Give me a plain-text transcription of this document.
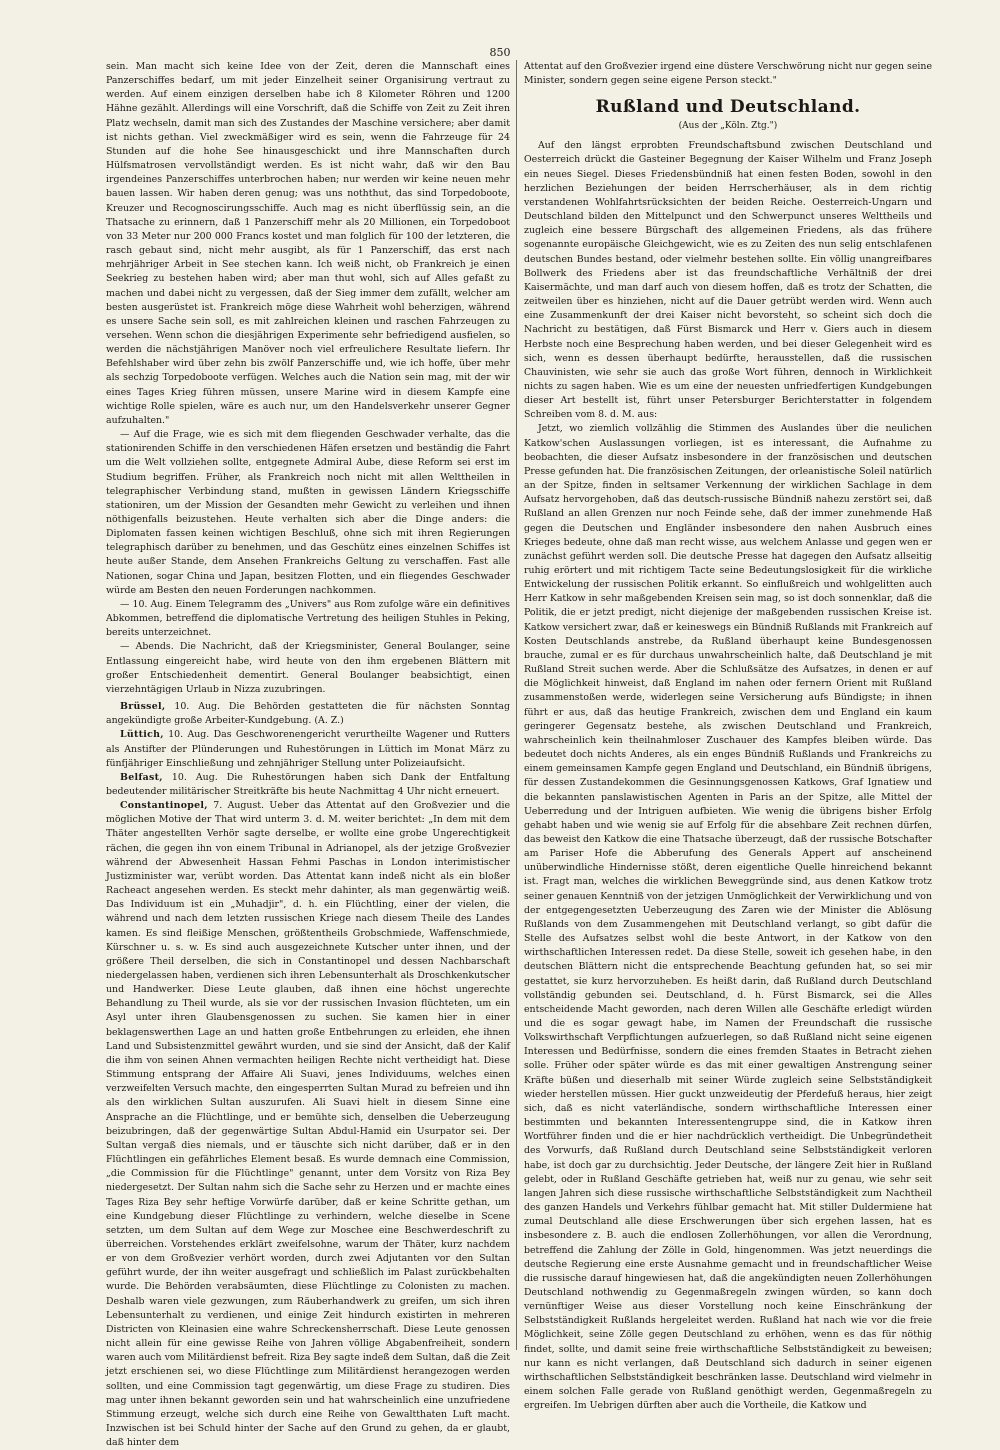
850

sein. Man macht sich keine Idee von der Zeit, deren die Mannschaft eines Panzerschiffes bedarf, um mit jeder Einzelheit seiner Organisirung vertraut zu werden. Auf einem einzigen derselben habe ich 8 Kilometer Röhren und 1200 Hähne gezählt. Allerdings will eine Vorschrift, daß die Schiffe von Zeit zu Zeit ihren Platz wechseln, damit man sich des Zustandes der Maschine versichere; aber damit ist nichts gethan. Viel zweckmäßiger wird es sein, wenn die Fahrzeuge für 24 Stunden auf die hohe See hinausgeschickt und ihre Mannschaften durch Hülfsmatrosen vervollständigt werden. Es ist nicht wahr, daß wir den Bau irgendeines Panzerschiffes unterbrochen haben; nur werden wir keine neuen mehr bauen lassen. Wir haben deren genug; was uns noththut, das sind Torpedoboote, Kreuzer und Recognoscirungsschiffe. Auch mag es nicht überflüssig sein, an die Thatsache zu erinnern, daß 1 Panzerschiff mehr als 20 Millionen, ein Torpedoboot von 33 Meter nur 200 000 Francs kostet und man folglich für 100 der letzteren, die rasch gebaut sind, nicht mehr ausgibt, als für 1 Panzerschiff, das erst nach mehrjähriger Arbeit in See stechen kann. Ich weiß nicht, ob Frankreich je einen Seekrieg zu bestehen haben wird; aber man thut wohl, sich auf Alles gefaßt zu machen und dabei nicht zu vergessen, daß der Sieg immer dem zufällt, welcher am besten ausgerüstet ist. Frankreich möge diese Wahrheit wohl beherzigen, während es unsere Sache sein soll, es mit zahlreichen kleinen und raschen Fahrzeugen zu versehen. Wenn schon die diesjährigen Experimente sehr befriedigend ausfielen, so werden die nächstjährigen Manöver noch viel erfreulichere Resultate liefern. Ihr Befehlshaber wird über zehn bis zwölf Panzerschiffe und, wie ich hoffe, über mehr als sechzig Torpedoboote verfügen. Welches auch die Nation sein mag, mit der wir eines Tages Krieg führen müssen, unsere Marine wird in diesem Kampfe eine wichtige Rolle spielen, wäre es auch nur, um den Handelsverkehr unserer Gegner aufzuhalten."

— Auf die Frage, wie es sich mit dem fliegenden Geschwader verhalte, das die stationirenden Schiffe in den verschiedenen Häfen ersetzen und beständig die Fahrt um die Welt vollziehen sollte, entgegnete Admiral Aube, diese Reform sei erst im Studium begriffen. Früher, als Frankreich noch nicht mit allen Welttheilen in telegraphischer Verbindung stand, mußten in gewissen Ländern Kriegsschiffe stationiren, um der Mission der Gesandten mehr Gewicht zu verleihen und ihnen nöthigenfalls beizustehen. Heute verhalten sich aber die Dinge anders: die Diplomaten fassen keinen wichtigen Beschluß, ohne sich mit ihren Regierungen telegraphisch darüber zu benehmen, und das Geschütz eines einzelnen Schiffes ist heute außer Stande, dem Ansehen Frankreichs Geltung zu verschaffen. Fast alle Nationen, sogar China und Japan, besitzen Flotten, und ein fliegendes Geschwader würde am Besten den neuen Forderungen nachkommen.

— 10. Aug. Einem Telegramm des „Univers" aus Rom zufolge wäre ein definitives Abkommen, betreffend die diplomatische Vertretung des heiligen Stuhles in Peking, bereits unterzeichnet.

— Abends. Die Nachricht, daß der Kriegsminister, General Boulanger, seine Entlassung eingereicht habe, wird heute von den ihm ergebenen Blättern mit großer Entschiedenheit dementirt. General Boulanger beabsichtigt, einen vierzehntägigen Urlaub in Nizza zuzubringen.

Brüssel, 10. Aug. Die Behörden gestatteten die für nächsten Sonntag angekündigte große Arbeiter-Kundgebung. (A. Z.)

Lüttich, 10. Aug. Das Geschworenengericht verurtheilte Wagener und Rutters als Anstifter der Plünderungen und Ruhestörungen in Lüttich im Monat März zu fünfjähriger Einschließung und zehnjähriger Stellung unter Polizeiaufsicht.

Belfast, 10. Aug. Die Ruhestörungen haben sich Dank der Entfaltung bedeutender militärischer Streitkräfte bis heute Nachmittag 4 Uhr nicht erneuert.

Constantinopel, 7. August. Ueber das Attentat auf den Großvezier und die möglichen Motive der That wird unterm 3. d. M. weiter berichtet: „In dem mit dem Thäter angestellten Verhör sagte derselbe, er wollte eine grobe Ungerechtigkeit rächen, die gegen ihn von einem Tribunal in Adrianopel, als der jetzige Großvezier während der Abwesenheit Hassan Fehmi Paschas in London interimistischer Justizminister war, verübt worden. Das Attentat kann indeß nicht als ein bloßer Racheact angesehen werden. Es steckt mehr dahinter, als man gegenwärtig weiß. Das Individuum ist ein „Muhadjir", d. h. ein Flüchtling, einer der vielen, die während und nach dem letzten russischen Kriege nach diesem Theile des Landes kamen. Es sind fleißige Menschen, größtentheils Grobschmiede, Waffenschmiede, Kürschner u. s. w. Es sind auch ausgezeichnete Kutscher unter ihnen, und der größere Theil derselben, die sich in Constantinopel und dessen Nachbarschaft niedergelassen haben, verdienen sich ihren Lebensunterhalt als Droschkenkutscher und Handwerker. Diese Leute glauben, daß ihnen eine höchst ungerechte Behandlung zu Theil wurde, als sie vor der russischen Invasion flüchteten, um ein Asyl unter ihren Glaubensgenossen zu suchen. Sie kamen hier in einer beklagenswerthen Lage an und hatten große Entbehrungen zu erleiden, ehe ihnen Land und Subsistenzmittel gewährt wurden, und sie sind der Ansicht, daß der Kalif die ihm von seinen Ahnen vermachten heiligen Rechte nicht vertheidigt hat. Diese Stimmung entsprang der Affaire Ali Suavi, jenes Individuums, welches einen verzweifelten Versuch machte, den eingesperrten Sultan Murad zu befreien und ihn als den wirklichen Sultan auszurufen. Ali Suavi hielt in diesem Sinne eine Ansprache an die Flüchtlinge, und er bemühte sich, denselben die Ueberzeugung beizubringen, daß der gegenwärtige Sultan Abdul-Hamid ein Usurpator sei. Der Sultan vergaß dies niemals, und er täuschte sich nicht darüber, daß er in den Flüchtlingen ein gefährliches Element besaß. Es wurde demnach eine Commission, „die Commission für die Flüchtlinge" genannt, unter dem Vorsitz von Riza Bey niedergesetzt. Der Sultan nahm sich die Sache sehr zu Herzen und er machte eines Tages Riza Bey sehr heftige Vorwürfe darüber, daß er keine Schritte gethan, um eine Kundgebung dieser Flüchtlinge zu verhindern, welche dieselbe in Scene setzten, um dem Sultan auf dem Wege zur Moschee eine Beschwerdeschrift zu überreichen. Vorstehendes erklärt zweifelsohne, warum der Thäter, kurz nachdem er von dem Großvezier verhört worden, durch zwei Adjutanten vor den Sultan geführt wurde, der ihn weiter ausgefragt und schließlich im Palast zurückbehalten wurde. Die Behörden verabsäumten, diese Flüchtlinge zu Colonisten zu machen. Deshalb waren viele gezwungen, zum Räuberhandwerk zu greifen, um sich ihren Lebensunterhalt zu verdienen, und einige Zeit hindurch existirten in mehreren Districten von Kleinasien eine wahre Schreckensherrschaft. Diese Leute genossen nicht allein für eine gewisse Reihe von Jahren völlige Abgabenfreiheit, sondern waren auch vom Militärdienst befreit. Riza Bey sagte indeß dem Sultan, daß die Zeit jetzt erschienen sei, wo diese Flüchtlinge zum Militärdienst herangezogen werden sollten, und eine Commission tagt gegenwärtig, um diese Frage zu studiren. Dies mag unter ihnen bekannt geworden sein und hat wahrscheinlich eine unzufriedene Stimmung erzeugt, welche sich durch eine Reihe von Gewaltthaten Luft macht. Inzwischen ist bei Schuld hinter der Sache auf den Grund zu gehen, da er glaubt, daß hinter dem

Attentat auf den Großvezier irgend eine düstere Verschwörung nicht nur gegen seine Minister, sondern gegen seine eigene Person steckt."

Rußland und Deutschland.
(Aus der „Köln. Ztg.")

Auf den längst erprobten Freundschaftsbund zwischen Deutschland und Oesterreich drückt die Gasteiner Begegnung der Kaiser Wilhelm und Franz Joseph ein neues Siegel. Dieses Friedensbündniß hat einen festen Boden, sowohl in den herzlichen Beziehungen der beiden Herrscherhäuser, als in dem richtig verstandenen Wohlfahrtsrücksichten der beiden Reiche. Oesterreich-Ungarn und Deutschland bilden den Mittelpunct und den Schwerpunct unseres Welttheils und zugleich eine bessere Bürgschaft des allgemeinen Friedens, als das frühere sogenannte europäische Gleichgewicht, wie es zu Zeiten des nun selig entschlafenen deutschen Bundes bestand, oder vielmehr bestehen sollte. Ein völlig unangreifbares Bollwerk des Friedens aber ist das freundschaftliche Verhältniß der drei Kaisermächte, und man darf auch von diesem hoffen, daß es trotz der Schatten, die zeitweilen über es hinziehen, nicht auf die Dauer getrübt werden wird. Wenn auch eine Zusammenkunft der drei Kaiser nicht bevorsteht, so scheint sich doch die Nachricht zu bestätigen, daß Fürst Bismarck und Herr v. Giers auch in diesem Herbste noch eine Besprechung haben werden, und bei dieser Gelegenheit wird es sich, wenn es dessen überhaupt bedürfte, herausstellen, daß die russischen Chauvinisten, wie sehr sie auch das große Wort führen, dennoch in Wirklichkeit nichts zu sagen haben. Wie es um eine der neuesten unfriedfertigen Kundgebungen dieser Art bestellt ist, führt unser Petersburger Berichterstatter in folgendem Schreiben vom 8. d. M. aus:

Jetzt, wo ziemlich vollzählig die Stimmen des Auslandes über die neulichen Katkow'schen Auslassungen vorliegen, ist es interessant, die Aufnahme zu beobachten, die dieser Aufsatz insbesondere in der französischen und deutschen Presse gefunden hat. Die französischen Zeitungen, der orleanistische Soleil natürlich an der Spitze, finden in seltsamer Verkennung der wirklichen Sachlage in dem Aufsatz hervorgehoben, daß das deutsch-russische Bündniß nahezu zerstört sei, daß Rußland an allen Grenzen nur noch Feinde sehe, daß der immer zunehmende Haß gegen die Deutschen und Engländer insbesondere den nahen Ausbruch eines Krieges bedeute, ohne daß man recht wisse, aus welchem Anlasse und gegen wen er zunächst geführt werden soll. Die deutsche Presse hat dagegen den Aufsatz allseitig ruhig erörtert und mit richtigem Tacte seine Bedeutungslosigkeit für die wirkliche Entwickelung der russischen Politik erkannt. So einflußreich und wohlgelitten auch Herr Katkow in sehr maßgebenden Kreisen sein mag, so ist doch sonnenklar, daß die Politik, die er jetzt predigt, nicht diejenige der maßgebenden russischen Kreise ist. Katkow versichert zwar, daß er keineswegs ein Bündniß Rußlands mit Frankreich auf Kosten Deutschlands anstrebe, da Rußland überhaupt keine Bundesgenossen brauche, zumal er es für durchaus unwahrscheinlich halte, daß Deutschland je mit Rußland Streit suchen werde. Aber die Schlußsätze des Aufsatzes, in denen er auf die Möglichkeit hinweist, daß England im nahen oder fernern Orient mit Rußland zusammenstoßen werde, widerlegen seine Versicherung aufs Bündigste; in ihnen führt er aus, daß das heutige Frankreich, zwischen dem und England ein kaum geringerer Gegensatz bestehe, als zwischen Deutschland und Frankreich, wahrscheinlich kein theilnahmloser Zuschauer des Kampfes bleiben würde. Das bedeutet doch nichts Anderes, als ein enges Bündniß Rußlands und Frankreichs zu einem gemeinsamen Kampfe gegen England und Deutschland, ein Bündniß übrigens, für dessen Zustandekommen die Gesinnungsgenossen Katkows, Graf Ignatiew und die bekannten panslawistischen Agenten in Paris an der Spitze, alle Mittel der Ueberredung und der Intriguen aufbieten. Wie wenig die übrigens bisher Erfolg gehabt haben und wie wenig sie auf Erfolg für die absehbare Zeit rechnen dürfen, das beweist den Katkow die eine Thatsache überzeugt, daß der russische Botschafter am Pariser Hofe die Abberufung des Generals Appert auf anscheinend unüberwindliche Hindernisse stößt, deren eigentliche Quelle hinreichend bekannt ist. Fragt man, welches die wirklichen Beweggründe sind, aus denen Katkow trotz seiner genauen Kenntniß von der jetzigen Unmöglichkeit der Verwirklichung und von der entgegengesetzten Ueberzeugung des Zaren wie der Minister die Ablösung Rußlands von dem Zusammengehen mit Deutschland verlangt, so gibt dafür die Stelle des Aufsatzes selbst wohl die beste Antwort, in der Katkow von den wirthschaftlichen Interessen redet. Da diese Stelle, soweit ich gesehen habe, in den deutschen Blättern nicht die entsprechende Beachtung gefunden hat, so sei mir gestattet, sie kurz hervorzuheben. Es heißt darin, daß Rußland durch Deutschland vollständig gebunden sei. Deutschland, d. h. Fürst Bismarck, sei die Alles entscheidende Macht geworden, nach deren Willen alle Geschäfte erledigt würden und die es sogar gewagt habe, im Namen der Freundschaft die russische Volkswirthschaft Verpflichtungen aufzuerlegen, so daß Rußland nicht seine eigenen Interessen und Bedürfnisse, sondern die eines fremden Staates in Betracht ziehen solle. Früher oder später würde es das mit einer gewaltigen Anstrengung seiner Kräfte büßen und dieserhalb mit seiner Würde zugleich seine Selbstständigkeit wieder herstellen müssen. Hier guckt unzweideutig der Pferdefuß heraus, hier zeigt sich, daß es nicht vaterländische, sondern wirthschaftliche Interessen einer bestimmten und bekannten Interessentengruppe sind, die in Katkow ihren Wortführer finden und die er hier nachdrücklich vertheidigt. Die Unbegründetheit des Vorwurfs, daß Rußland durch Deutschland seine Selbstständigkeit verloren habe, ist doch gar zu durchsichtig. Jeder Deutsche, der längere Zeit hier in Rußland gelebt, oder in Rußland Geschäfte getrieben hat, weiß nur zu genau, wie sehr seit langen Jahren sich diese russische wirthschaftliche Selbstständigkeit zum Nachtheil des ganzen Handels und Verkehrs fühlbar gemacht hat. Mit stiller Duldermiene hat zumal Deutschland alle diese Erschwerungen über sich ergehen lassen, hat es insbesondere z. B. auch die endlosen Zollerhöhungen, vor allen die Verordnung, betreffend die Zahlung der Zölle in Gold, hingenommen. Was jetzt neuerdings die deutsche Regierung eine erste Ausnahme gemacht und in freundschaftlicher Weise die russische darauf hingewiesen hat, daß die angekündigten neuen Zollerhöhungen Deutschland nothwendig zu Gegenmaßregeln zwingen würden, so kann doch vernünftiger Weise aus dieser Vorstellung noch keine Einschränkung der Selbstständigkeit Rußlands hergeleitet werden. Rußland hat nach wie vor die freie Möglichkeit, seine Zölle gegen Deutschland zu erhöhen, wenn es das für nöthig findet, sollte, und damit seine freie wirthschaftliche Selbstständigkeit zu beweisen; nur kann es nicht verlangen, daß Deutschland sich dadurch in seiner eigenen wirthschaftlichen Selbstständigkeit beschränken lasse. Deutschland wird vielmehr in einem solchen Falle gerade von Rußland genöthigt werden, Gegenmaßregeln zu ergreifen. Im Uebrigen dürften aber auch die Vortheile, die Katkow und
